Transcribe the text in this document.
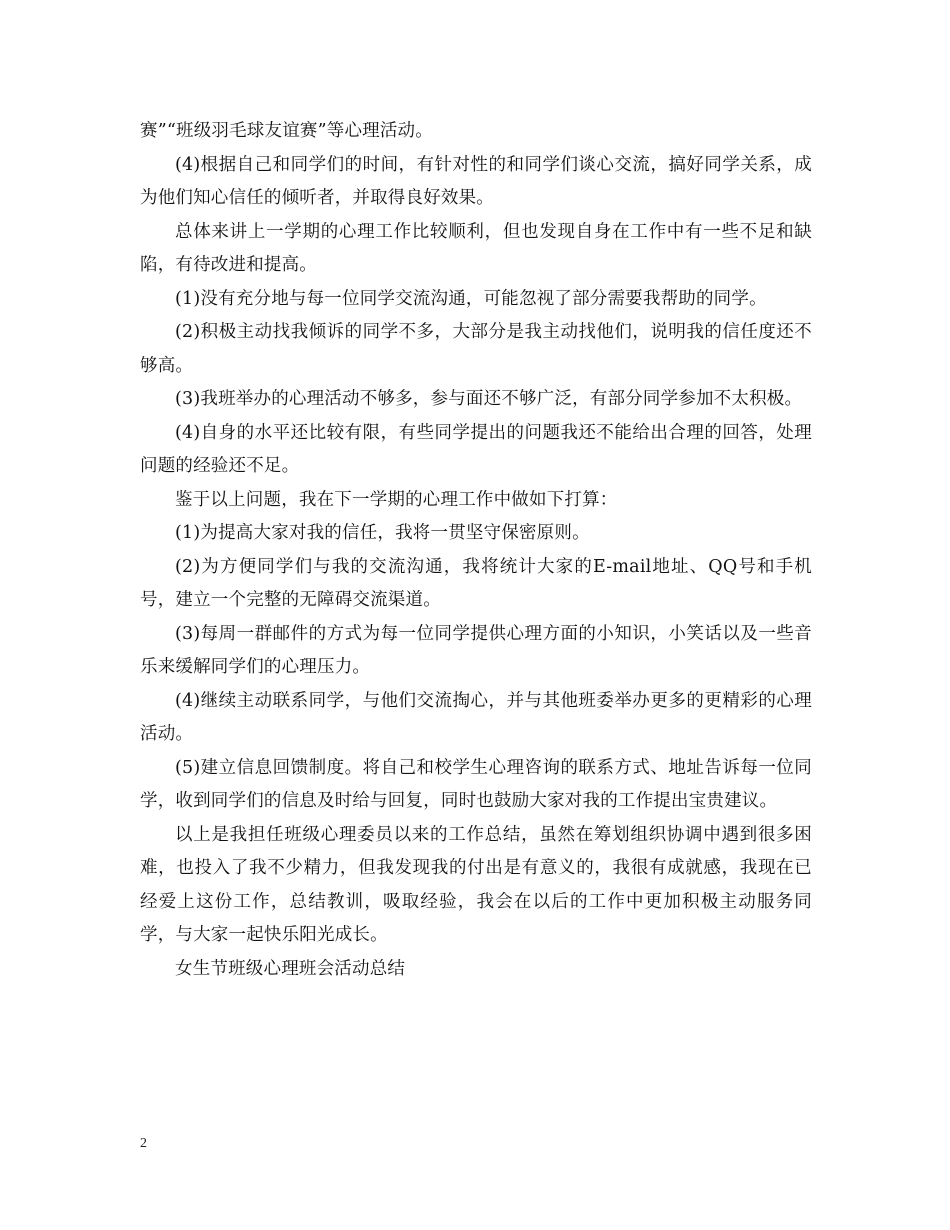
赛”“班级羽毛球友谊赛”等心理活动。

(4)根据自己和同学们的时间，有针对性的和同学们谈心交流，搞好同学关系，成为他们知心信任的倾听者，并取得良好效果。

总体来讲上一学期的心理工作比较顺利，但也发现自身在工作中有一些不足和缺陷，有待改进和提高。

(1)没有充分地与每一位同学交流沟通，可能忽视了部分需要我帮助的同学。

(2)积极主动找我倾诉的同学不多，大部分是我主动找他们，说明我的信任度还不够高。

(3)我班举办的心理活动不够多，参与面还不够广泛，有部分同学参加不太积极。

(4)自身的水平还比较有限，有些同学提出的问题我还不能给出合理的回答，处理问题的经验还不足。

鉴于以上问题，我在下一学期的心理工作中做如下打算：

(1)为提高大家对我的信任，我将一贯坚守保密原则。

(2)为方便同学们与我的交流沟通，我将统计大家的E-mail地址、QQ号和手机号，建立一个完整的无障碍交流渠道。

(3)每周一群邮件的方式为每一位同学提供心理方面的小知识，小笑话以及一些音乐来缓解同学们的心理压力。

(4)继续主动联系同学，与他们交流掏心，并与其他班委举办更多的更精彩的心理活动。

(5)建立信息回馈制度。将自己和校学生心理咨询的联系方式、地址告诉每一位同学，收到同学们的信息及时给与回复，同时也鼓励大家对我的工作提出宝贵建议。

以上是我担任班级心理委员以来的工作总结，虽然在筹划组织协调中遇到很多困难，也投入了我不少精力，但我发现我的付出是有意义的，我很有成就感，我现在已经爱上这份工作，总结教训，吸取经验，我会在以后的工作中更加积极主动服务同学，与大家一起快乐阳光成长。

女生节班级心理班会活动总结

2
